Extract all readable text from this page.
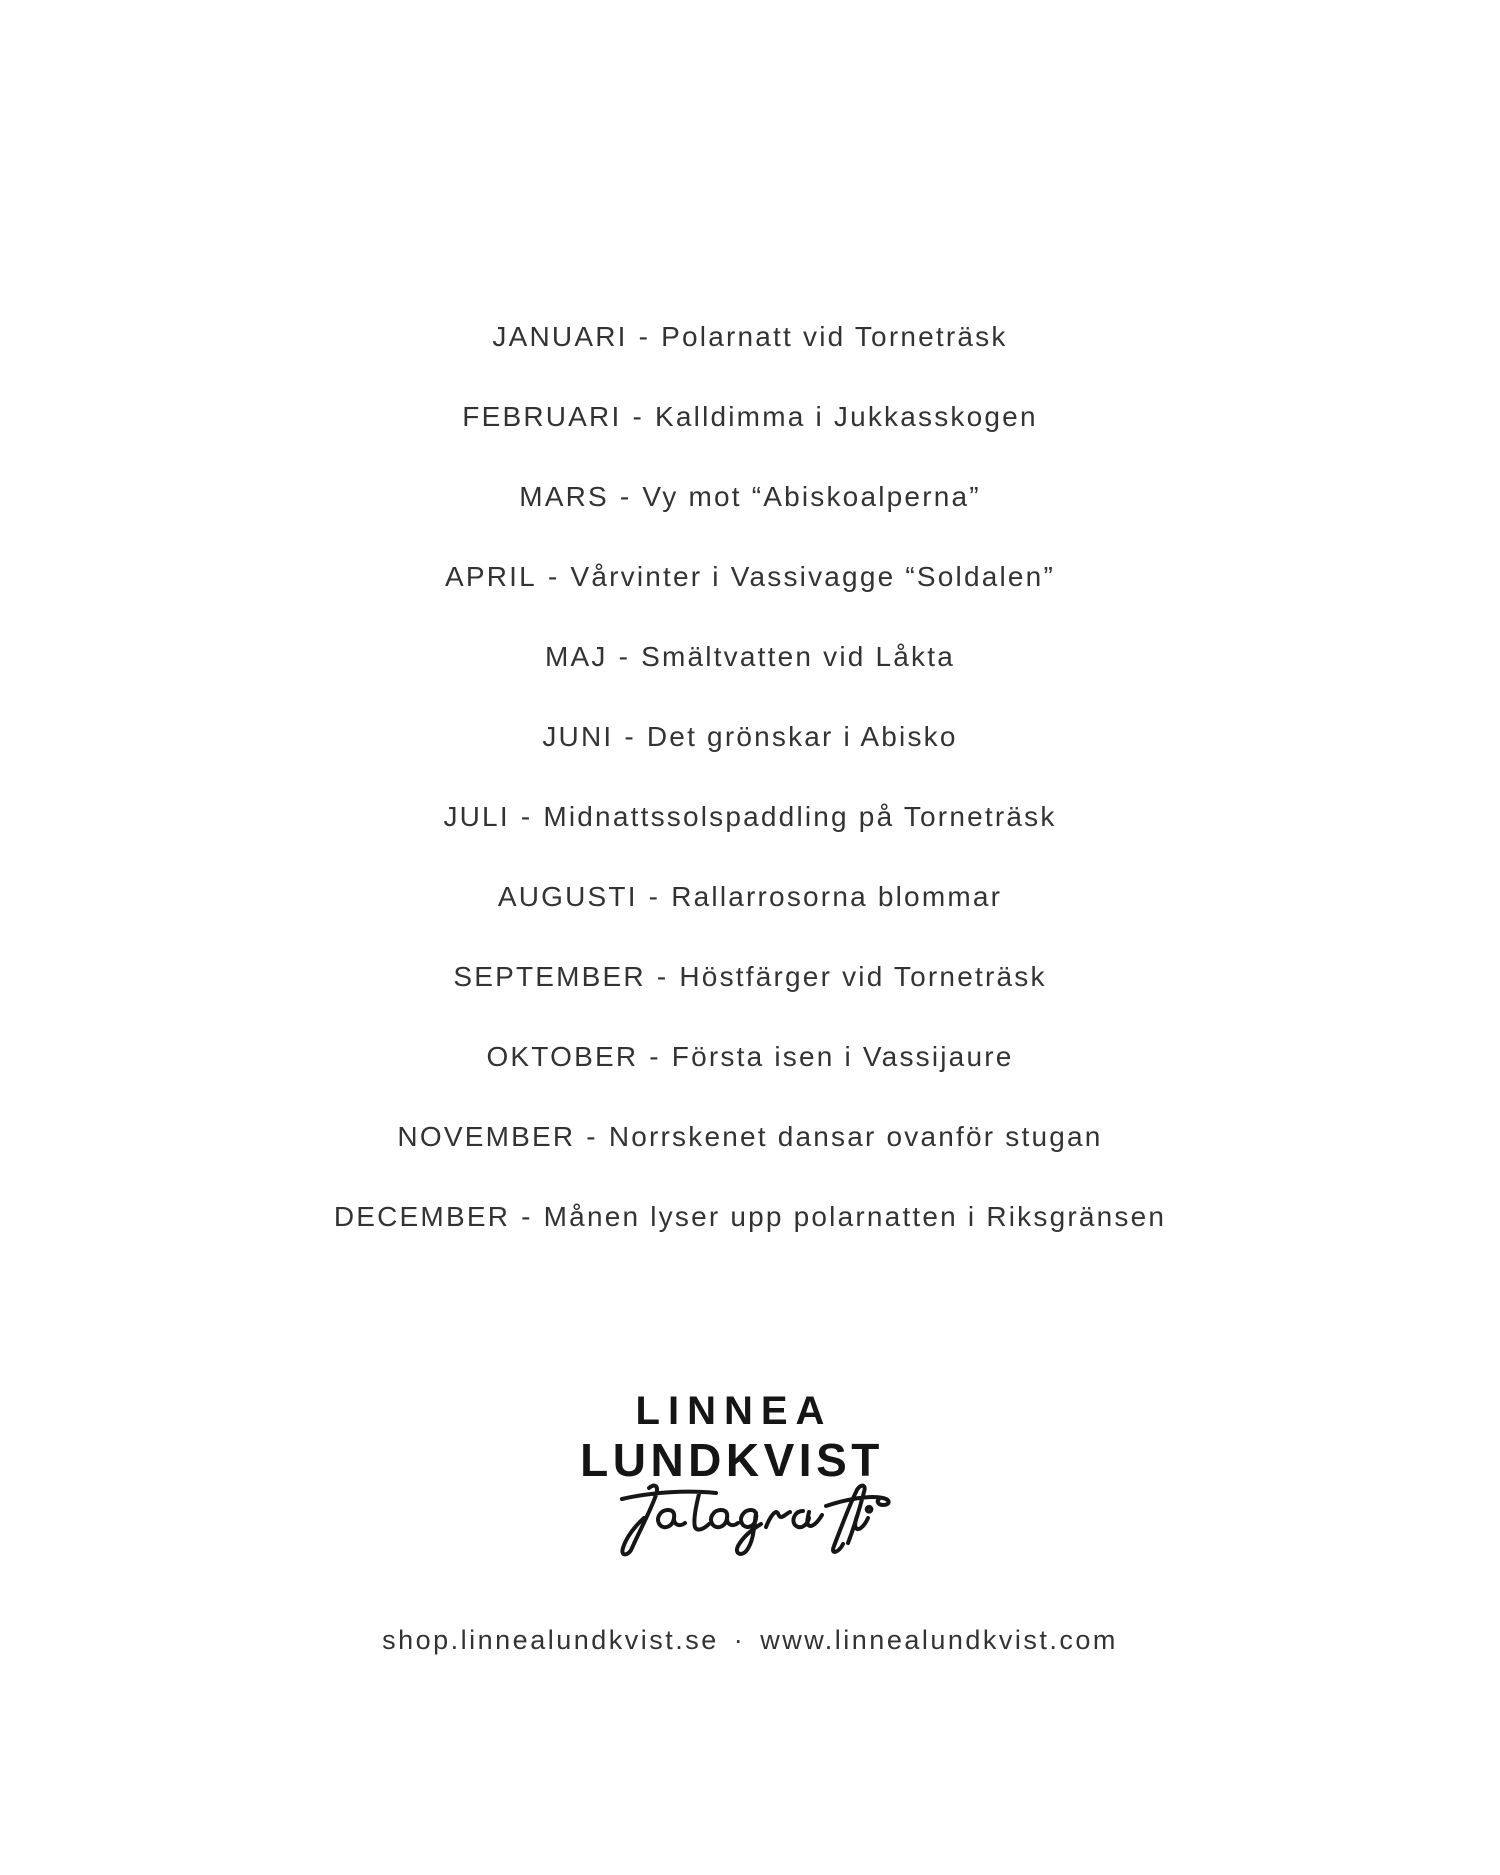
JANUARI - Polarnatt vid Torneträsk
FEBRUARI - Kalldimma i Jukkasskogen
MARS - Vy mot “Abiskoalperna”
APRIL - Vårvinter i Vassivagge “Soldalen”
MAJ - Smältvatten vid Låkta
JUNI - Det grönskar i Abisko
JULI - Midnattssolspaddling på Torneträsk
AUGUSTI - Rallarrosorna blommar
SEPTEMBER - Höstfärger vid Torneträsk
OKTOBER - Första isen i Vassijaure
NOVEMBER - Norrskenet dansar ovanför stugan
DECEMBER - Månen lyser upp polarnatten i Riksgränsen
LINNEA
LUNDKVIST
shop.linnealundkvist.se · www.linnealundkvist.com
